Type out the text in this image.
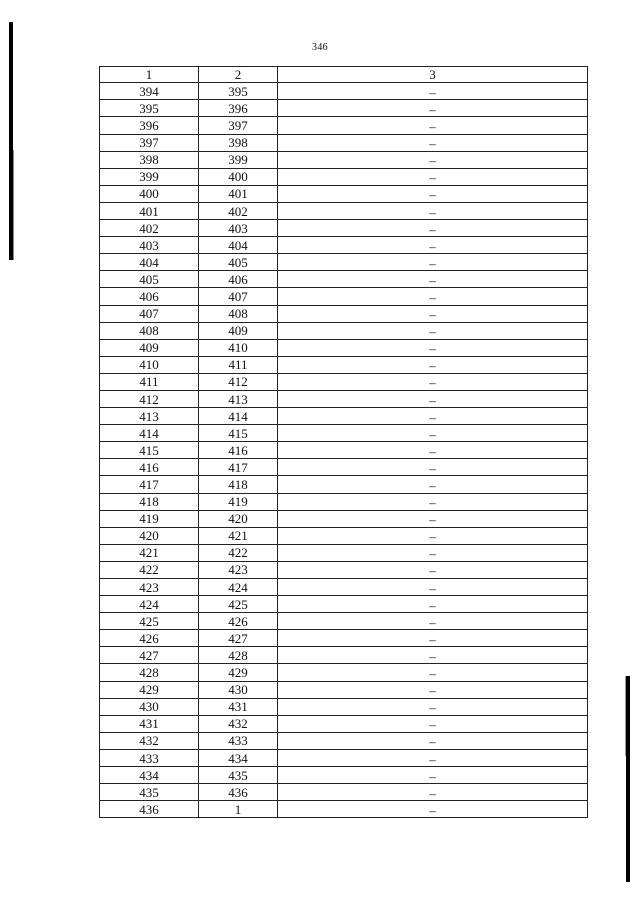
346
1	2	3
394	395	–
395	396	–
396	397	–
397	398	–
398	399	–
399	400	–
400	401	–
401	402	–
402	403	–
403	404	–
404	405	–
405	406	–
406	407	–
407	408	–
408	409	–
409	410	–
410	411	–
411	412	–
412	413	–
413	414	–
414	415	–
415	416	–
416	417	–
417	418	–
418	419	–
419	420	–
420	421	–
421	422	–
422	423	–
423	424	–
424	425	–
425	426	–
426	427	–
427	428	–
428	429	–
429	430	–
430	431	–
431	432	–
432	433	–
433	434	–
434	435	–
435	436	–
436	1	–
